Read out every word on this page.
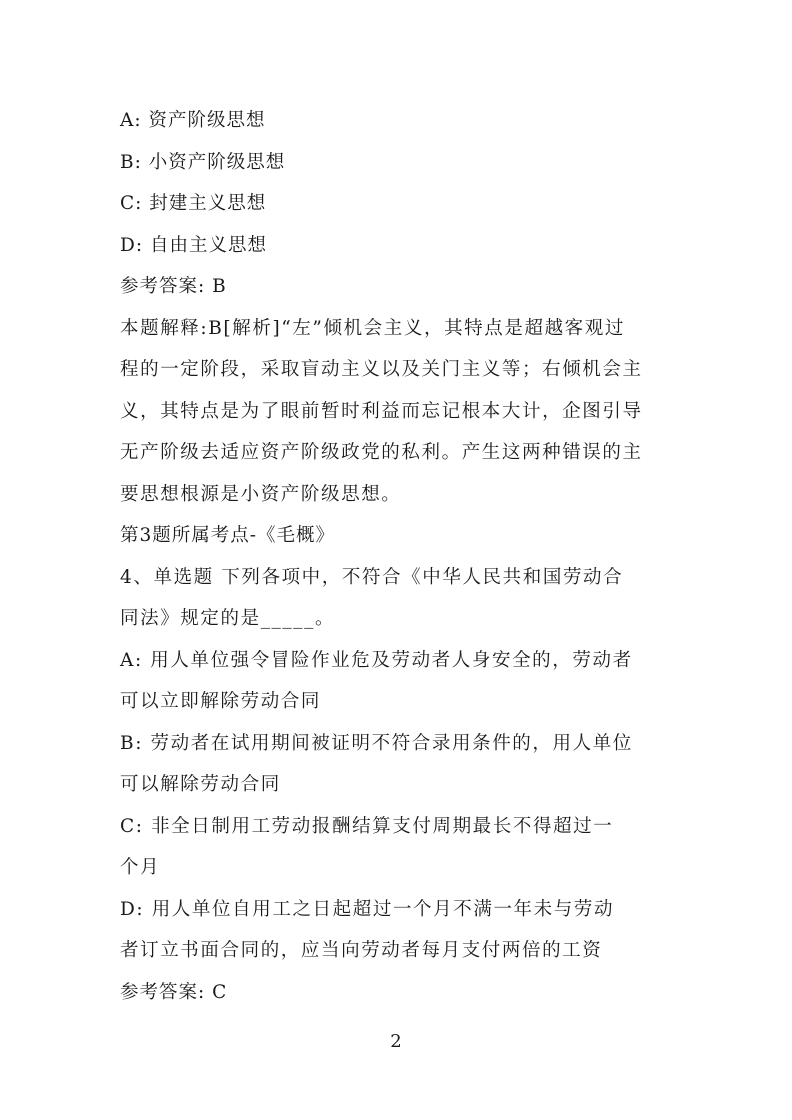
A: 资产阶级思想
B: 小资产阶级思想
C: 封建主义思想
D: 自由主义思想
参考答案: B
本题解释:B[解析]“左”倾机会主义，其特点是超越客观过
程的一定阶段，采取盲动主义以及关门主义等；右倾机会主
义，其特点是为了眼前暂时利益而忘记根本大计，企图引导
无产阶级去适应资产阶级政党的私利。产生这两种错误的主
要思想根源是小资产阶级思想。
第3题所属考点-《毛概》
4、单选题 下列各项中，不符合《中华人民共和国劳动合
同法》规定的是_____。
A: 用人单位强令冒险作业危及劳动者人身安全的，劳动者
可以立即解除劳动合同
B: 劳动者在试用期间被证明不符合录用条件的，用人单位
可以解除劳动合同
C: 非全日制用工劳动报酬结算支付周期最长不得超过一
个月
D: 用人单位自用工之日起超过一个月不满一年未与劳动
者订立书面合同的，应当向劳动者每月支付两倍的工资
参考答案: C
2
